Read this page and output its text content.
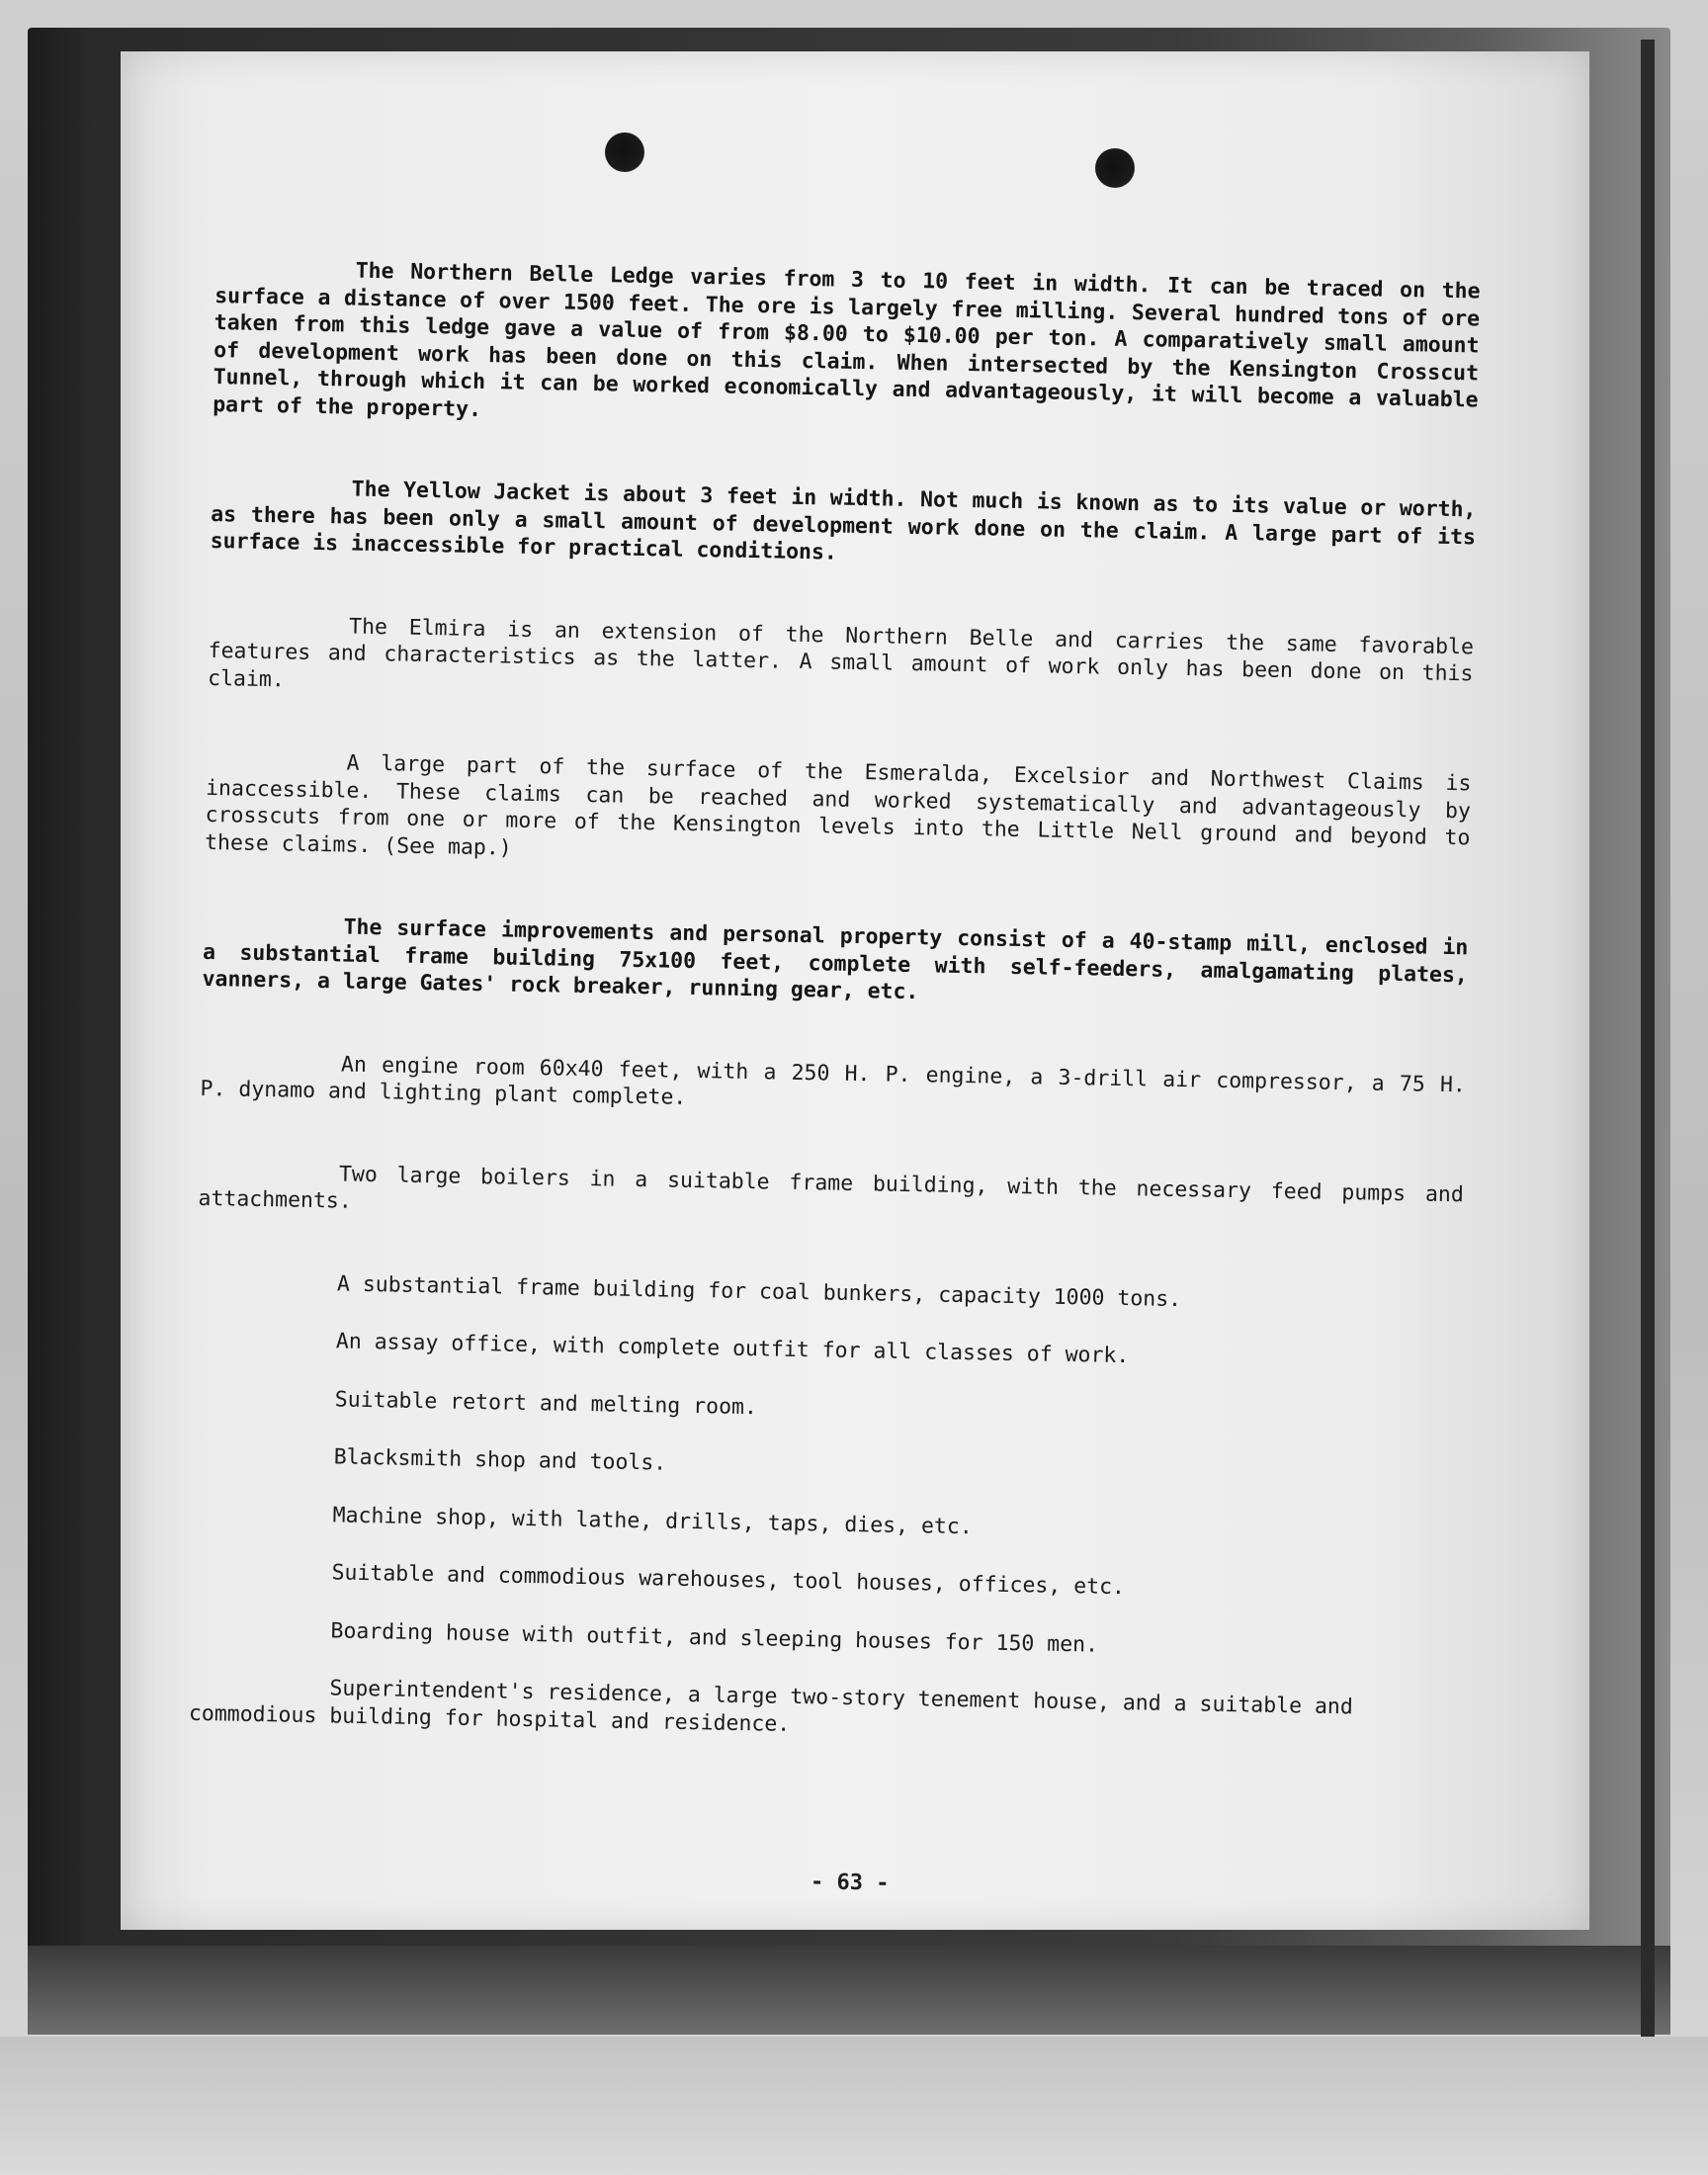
The Northern Belle Ledge varies from 3 to 10 feet in width. It can be traced on the surface a distance of over 1500 feet. The ore is largely free milling. Several hundred tons of ore taken from this ledge gave a value of from $8.00 to $10.00 per ton. A comparatively small amount of development work has been done on this claim. When intersected by the Kensington Crosscut Tunnel, through which it can be worked economically and advantageously, it will become a valuable part of the property.

The Yellow Jacket is about 3 feet in width. Not much is known as to its value or worth, as there has been only a small amount of development work done on the claim. A large part of its surface is inaccessible for practical conditions.

The Elmira is an extension of the Northern Belle and carries the same favorable features and characteristics as the latter. A small amount of work only has been done on this claim.

A large part of the surface of the Esmeralda, Excelsior and Northwest Claims is inaccessible. These claims can be reached and worked systematically and advantageously by crosscuts from one or more of the Kensington levels into the Little Nell ground and beyond to these claims. (See map.)

The surface improvements and personal property consist of a 40-stamp mill, enclosed in a substantial frame building 75x100 feet, complete with self-feeders, amalgamating plates, vanners, a large Gates' rock breaker, running gear, etc.

An engine room 60x40 feet, with a 250 H. P. engine, a 3-drill air compressor, a 75 H. P. dynamo and lighting plant complete.

Two large boilers in a suitable frame building, with the necessary feed pumps and attachments.

A substantial frame building for coal bunkers, capacity 1000 tons.

An assay office, with complete outfit for all classes of work.

Suitable retort and melting room.

Blacksmith shop and tools.

Machine shop, with lathe, drills, taps, dies, etc.

Suitable and commodious warehouses, tool houses, offices, etc.

Boarding house with outfit, and sleeping houses for 150 men.

Superintendent's residence, a large two-story tenement house, and a suitable and commodious building for hospital and residence.

- 63 -
